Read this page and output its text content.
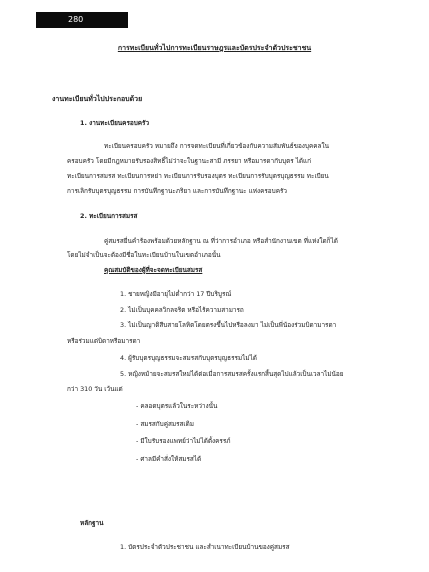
280
การทะเบียนทั่วไปการทะเบียนราษฎรและบัตรประจำตัวประชาชน
งานทะเบียนทั่วไปประกอบด้วย
1. งานทะเบียนครอบครัว
ทะเบียนครอบครัว หมายถึง การจดทะเบียนที่เกี่ยวข้องกับความสัมพันธ์ของบุคคลใน
ครอบครัว โดยมีกฎหมายรับรองสิทธิ์ไม่ว่าจะในฐานะสามี ภรรยา หรือมารดากับบุตร ได้แก่
ทะเบียนการสมรส ทะเบียนการหย่า ทะเบียนการรับรองบุตร ทะเบียนการรับบุตรบุญธรรม ทะเบียน
การเลิกรับบุตรบุญธรรม การบันทึกฐานะภริยา และการบันทึกฐานะ แห่งครอบครัว
2. ทะเบียนการสมรส
คู่สมรสยื่นคำร้องพร้อมด้วยหลักฐาน ณ ที่ว่าการอำเภอ หรือสำนักงานเขต ที่แห่งใดก็ได้
โดยไม่จำเป็นจะต้องมีชื่อในทะเบียนบ้านในเขตอำเภอนั้น
คุณสมบัติของผู้ที่จะจดทะเบียนสมรส
1. ชายหญิงมีอายุไม่ต่ำกว่า 17 ปีบริบูรณ์
2. ไม่เป็นบุคคลวิกลจริต หรือไร้ความสามารถ
3. ไม่เป็นญาติสืบสายโลหิตโดยตรงขึ้นไปหรือลงมา ไม่เป็นพี่น้องร่วมบิดามารดา
หรือร่วมแต่บิดาหรือมารดา
4. ผู้รับบุตรบุญธรรมจะสมรสกับบุตรบุญธรรมไม่ได้
5. หญิงหม้ายจะสมรสใหม่ได้ต่อเมื่อการสมรสครั้งแรกสิ้นสุดไปแล้วเป็นเวลาไม่น้อย
กว่า 310 วัน เว้นแต่
- คลอดบุตรแล้วในระหว่างนั้น
- สมรสกับคู่สมรสเดิม
- มีใบรับรองแพทย์ว่าไม่ได้ตั้งครรภ์
- ศาลมีคำสั่งให้สมรสได้
หลักฐาน
1. บัตรประจำตัวประชาชน และสำเนาทะเบียนบ้านของคู่สมรส
